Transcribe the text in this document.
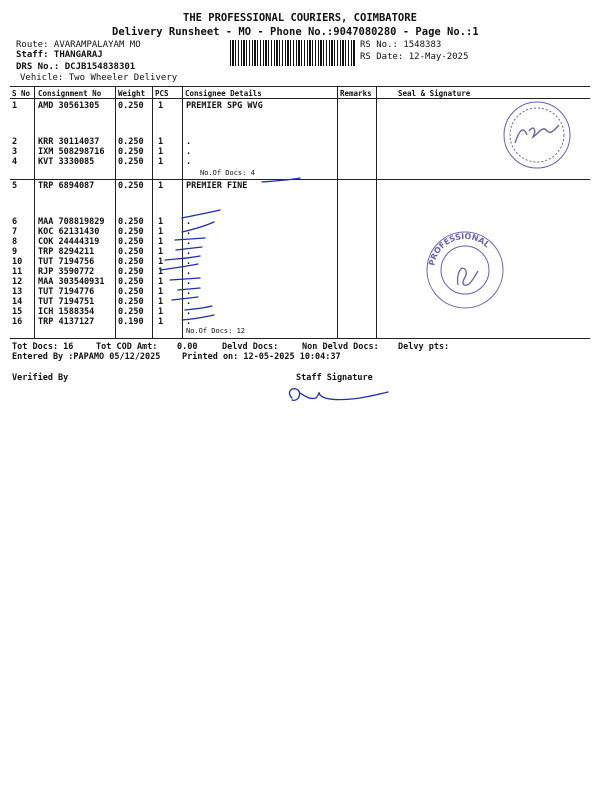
THE PROFESSIONAL COURIERS, COIMBATORE
Delivery Runsheet - MO - Phone No.:9047080280 - Page No.:1
Route: AVARAMPALAYAM MO
Staff: THANGARAJ
DRS No.: DCJB154838301
Vehicle: Two Wheeler Delivery
RS No.: 1548383
RS Date: 12-May-2025
S No Consignment No Weight PCS Consignee Details	Remarks	Seal & Signature
1 AMD 30561305 0.250 1	PREMIER SPG WVG
2 KRR 30114037 0.250 1	.
3 IXM 508298716 0.250 1	.
4 KVT 3330085	0.250 1	.
5 TRP 6894087	0.250 1	PREMIER FINE
6 MAA 708819829 0.250 1	.
7 KOC 62131430 0.250 1	.
8 COK 24444319 0.250 1	.
9 TRP 8294211	0.250 1	.
10 TUT 7194756	0.250 1	.
11 RJP 3590772	0.250 1	.
12 MAA 303540931 0.250 1	.
13 TUT 7194776	0.250 1	.
14 TUT 7194751	0.250 1	.
15 ICH 1588354	0.250 1	.
16 TRP 4137127	0.190 1	.
No.Of Docs: 4
No.Of Docs: 12
Tot Docs: 16	Tot COD Amt: 0.00	Delvd Docs:	Non Delvd Docs: Delvy pts:
Entered By :PAPAMO 05/12/2025	Printed on: 12-05-2025 10:04:37
Verified By	Staff Signature
PROFESSIONAL
